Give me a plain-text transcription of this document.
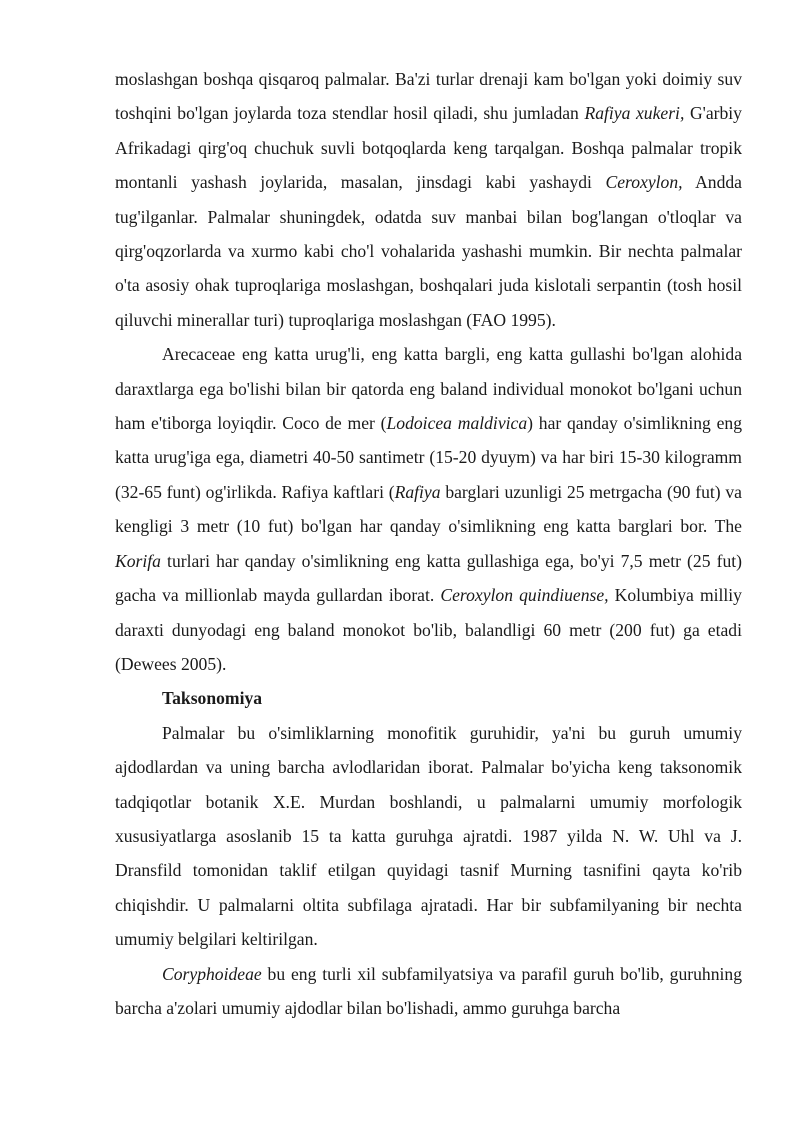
moslashgan boshqa qisqaroq palmalar. Ba'zi turlar drenaji kam bo'lgan yoki doimiy suv toshqini bo'lgan joylarda toza stendlar hosil qiladi, shu jumladan Rafiya xukeri, G'arbiy Afrikadagi qirg'oq chuchuk suvli botqoqlarda keng tarqalgan. Boshqa palmalar tropik montanli yashash joylarida, masalan, jinsdagi kabi yashaydi Ceroxylon, Andda tug'ilganlar. Palmalar shuningdek, odatda suv manbai bilan bog'langan o'tloqlar va qirg'oqzorlarda va xurmo kabi cho'l vohalarida yashashi mumkin. Bir nechta palmalar o'ta asosiy ohak tuproqlariga moslashgan, boshqalari juda kislotali serpantin (tosh hosil qiluvchi minerallar turi) tuproqlariga moslashgan (FAO 1995).

Arecaceae eng katta urug'li, eng katta bargli, eng katta gullashi bo'lgan alohida daraxtlarga ega bo'lishi bilan bir qatorda eng baland individual monokot bo'lgani uchun ham e'tiborga loyiqdir. Coco de mer (Lodoicea maldivica) har qanday o'simlikning eng katta urug'iga ega, diametri 40-50 santimetr (15-20 dyuym) va har biri 15-30 kilogramm (32-65 funt) og'irlikda. Rafiya kaftlari (Rafiya barglari uzunligi 25 metrgacha (90 fut) va kengligi 3 metr (10 fut) bo'lgan har qanday o'simlikning eng katta barglari bor. The Korifa turlari har qanday o'simlikning eng katta gullashiga ega, bo'yi 7,5 metr (25 fut) gacha va millionlab mayda gullardan iborat. Ceroxylon quindiuense, Kolumbiya milliy daraxti dunyodagi eng baland monokot bo'lib, balandligi 60 metr (200 fut) ga etadi (Dewees 2005).

Taksonomiya

Palmalar bu o'simliklarning monofitik guruhidir, ya'ni bu guruh umumiy ajdodlardan va uning barcha avlodlaridan iborat. Palmalar bo'yicha keng taksonomik tadqiqotlar botanik X.E. Murdan boshlandi, u palmalarni umumiy morfologik xususiyatlarga asoslanib 15 ta katta guruhga ajratdi. 1987 yilda N. W. Uhl va J. Dransfild tomonidan taklif etilgan quyidagi tasnif Murning tasnifini qayta ko'rib chiqishdir. U palmalarni oltita subfilaga ajratadi. Har bir subfamilyaning bir nechta umumiy belgilari keltirilgan.

Coryphoideae bu eng turli xil subfamilyatsiya va parafil guruh bo'lib, guruhning barcha a'zolari umumiy ajdodlar bilan bo'lishadi, ammo guruhga barcha
